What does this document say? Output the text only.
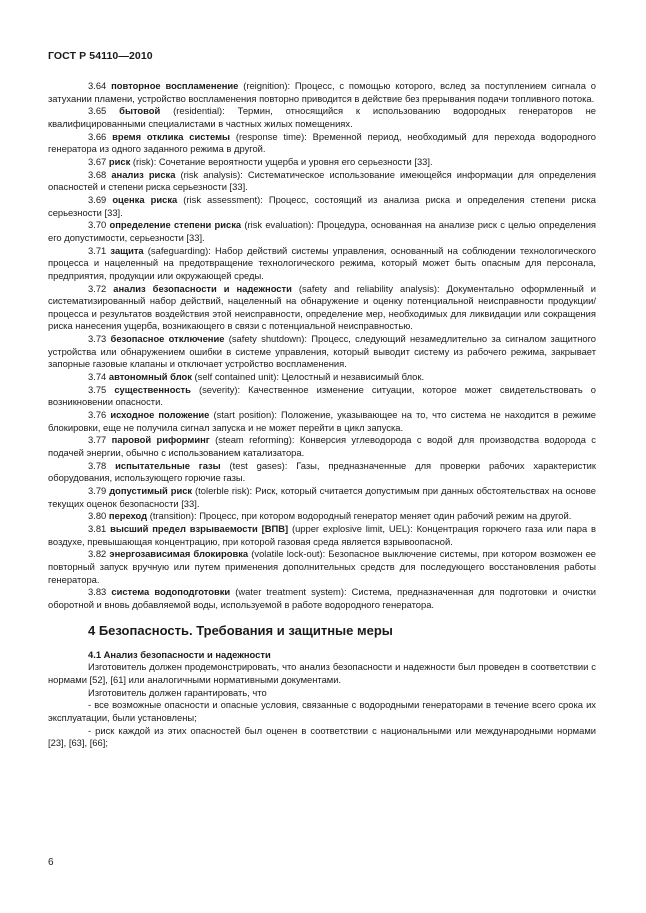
ГОСТ Р 54110—2010

3.64 повторное воспламенение (reignition): Процесс, с помощью которого, вслед за поступлением сигнала о затухании пламени, устройство воспламенения повторно приводится в действие без прерывания подачи топливного потока.

3.65 бытовой (residential): Термин, относящийся к использованию водородных генераторов не квалифицированными специалистами в частных жилых помещениях.

3.66 время отклика системы (response time): Временной период, необходимый для перехода водородного генератора из одного заданного режима в другой.

3.67 риск (risk): Сочетание вероятности ущерба и уровня его серьезности [33].

3.68 анализ риска (risk analysis): Систематическое использование имеющейся информации для определения опасностей и степени риска серьезности [33].

3.69 оценка риска (risk assessment): Процесс, состоящий из анализа риска и определения степени риска серьезности [33].

3.70 определение степени риска (risk evaluation): Процедура, основанная на анализе риск с целью определения его допустимости, серьезности [33].

3.71 защита (safeguarding): Набор действий системы управления, основанный на соблюдении технологического процесса и нацеленный на предотвращение технологического режима, который может быть опасным для персонала, предприятия, продукции или окружающей среды.

3.72 анализ безопасности и надежности (safety and reliability analysis): Документально оформленный и систематизированный набор действий, нацеленный на обнаружение и оценку потенциальной неисправности продукции/процесса и результатов воздействия этой неисправности, определение мер, необходимых для ликвидации или сокращения риска нанесения ущерба, возникающего в связи с потенциальной неисправностью.

3.73 безопасное отключение (safety shutdown): Процесс, следующий незамедлительно за сигналом защитного устройства или обнаружением ошибки в системе управления, который выводит систему из рабочего режима, закрывает запорные газовые клапаны и отключает устройство воспламенения.

3.74 автономный блок (self contained unit): Целостный и независимый блок.

3.75 существенность (severity): Качественное изменение ситуации, которое может свидетельствовать о возникновении опасности.

3.76 исходное положение (start position): Положение, указывающее на то, что система не находится в режиме блокировки, еще не получила сигнал запуска и не может перейти в цикл запуска.

3.77 паровой риформинг (steam reforming): Конверсия углеводорода с водой для производства водорода с подачей энергии, обычно с использованием катализатора.

3.78 испытательные газы (test gases): Газы, предназначенные для проверки рабочих характеристик оборудования, использующего горючие газы.

3.79 допустимый риск (tolerble risk): Риск, который считается допустимым при данных обстоятельствах на основе текущих оценок безопасности [33].

3.80 переход (transition): Процесс, при котором водородный генератор меняет один рабочий режим на другой.

3.81 высший предел взрываемости [ВПВ] (upper explosive limit, UEL): Концентрация горючего газа или пара в воздухе, превышающая концентрацию, при которой газовая среда является взрывоопасной.

3.82 энергозависимая блокировка (volatile lock-out): Безопасное выключение системы, при котором возможен ее повторный запуск вручную или путем применения дополнительных средств для последующего восстановления работы генератора.

3.83 система водоподготовки (water treatment system): Система, предназначенная для подготовки и очистки оборотной и вновь добавляемой воды, используемой в работе водородного генератора.

4 Безопасность. Требования и защитные меры

4.1 Анализ безопасности и надежности

Изготовитель должен продемонстрировать, что анализ безопасности и надежности был проведен в соответствии с нормами [52], [61] или аналогичными нормативными документами.

Изготовитель должен гарантировать, что

- все возможные опасности и опасные условия, связанные с водородными генераторами в течение всего срока их эксплуатации, были установлены;

- риск каждой из этих опасностей был оценен в соответствии с национальными или международными нормами [23], [63], [66];

6
